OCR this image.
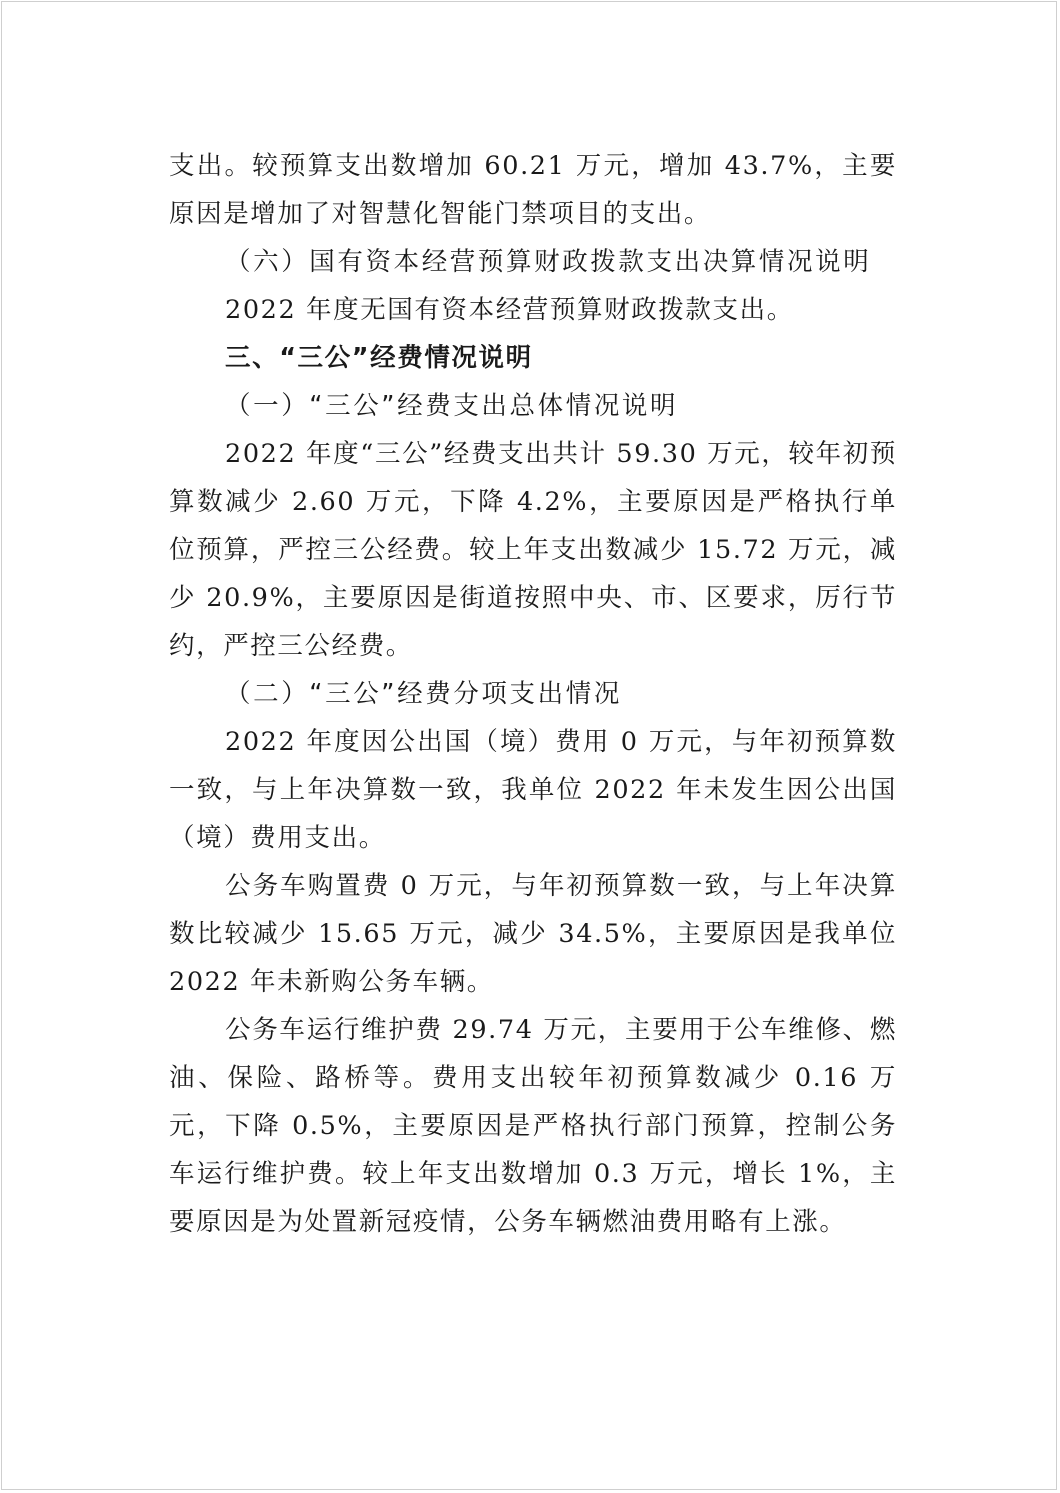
支出。较预算支出数增加 60.21 万元，增加 43.7%，主要原因是增加了对智慧化智能门禁项目的支出。

（六）国有资本经营预算财政拨款支出决算情况说明

2022 年度无国有资本经营预算财政拨款支出。

三、“三公”经费情况说明

（一）“三公”经费支出总体情况说明

2022 年度“三公”经费支出共计 59.30 万元，较年初预算数减少 2.60 万元，下降 4.2%，主要原因是严格执行单位预算，严控三公经费。较上年支出数减少 15.72 万元，减少 20.9%，主要原因是街道按照中央、市、区要求，厉行节约，严控三公经费。

（二）“三公”经费分项支出情况

2022 年度因公出国（境）费用 0 万元，与年初预算数一致，与上年决算数一致，我单位 2022 年未发生因公出国（境）费用支出。

公务车购置费 0 万元，与年初预算数一致，与上年决算数比较减少 15.65 万元，减少 34.5%，主要原因是我单位 2022 年未新购公务车辆。

公务车运行维护费 29.74 万元，主要用于公车维修、燃油、保险、路桥等。费用支出较年初预算数减少 0.16 万元，下降 0.5%，主要原因是严格执行部门预算，控制公务车运行维护费。较上年支出数增加 0.3 万元，增长 1%，主要原因是为处置新冠疫情，公务车辆燃油费用略有上涨。
